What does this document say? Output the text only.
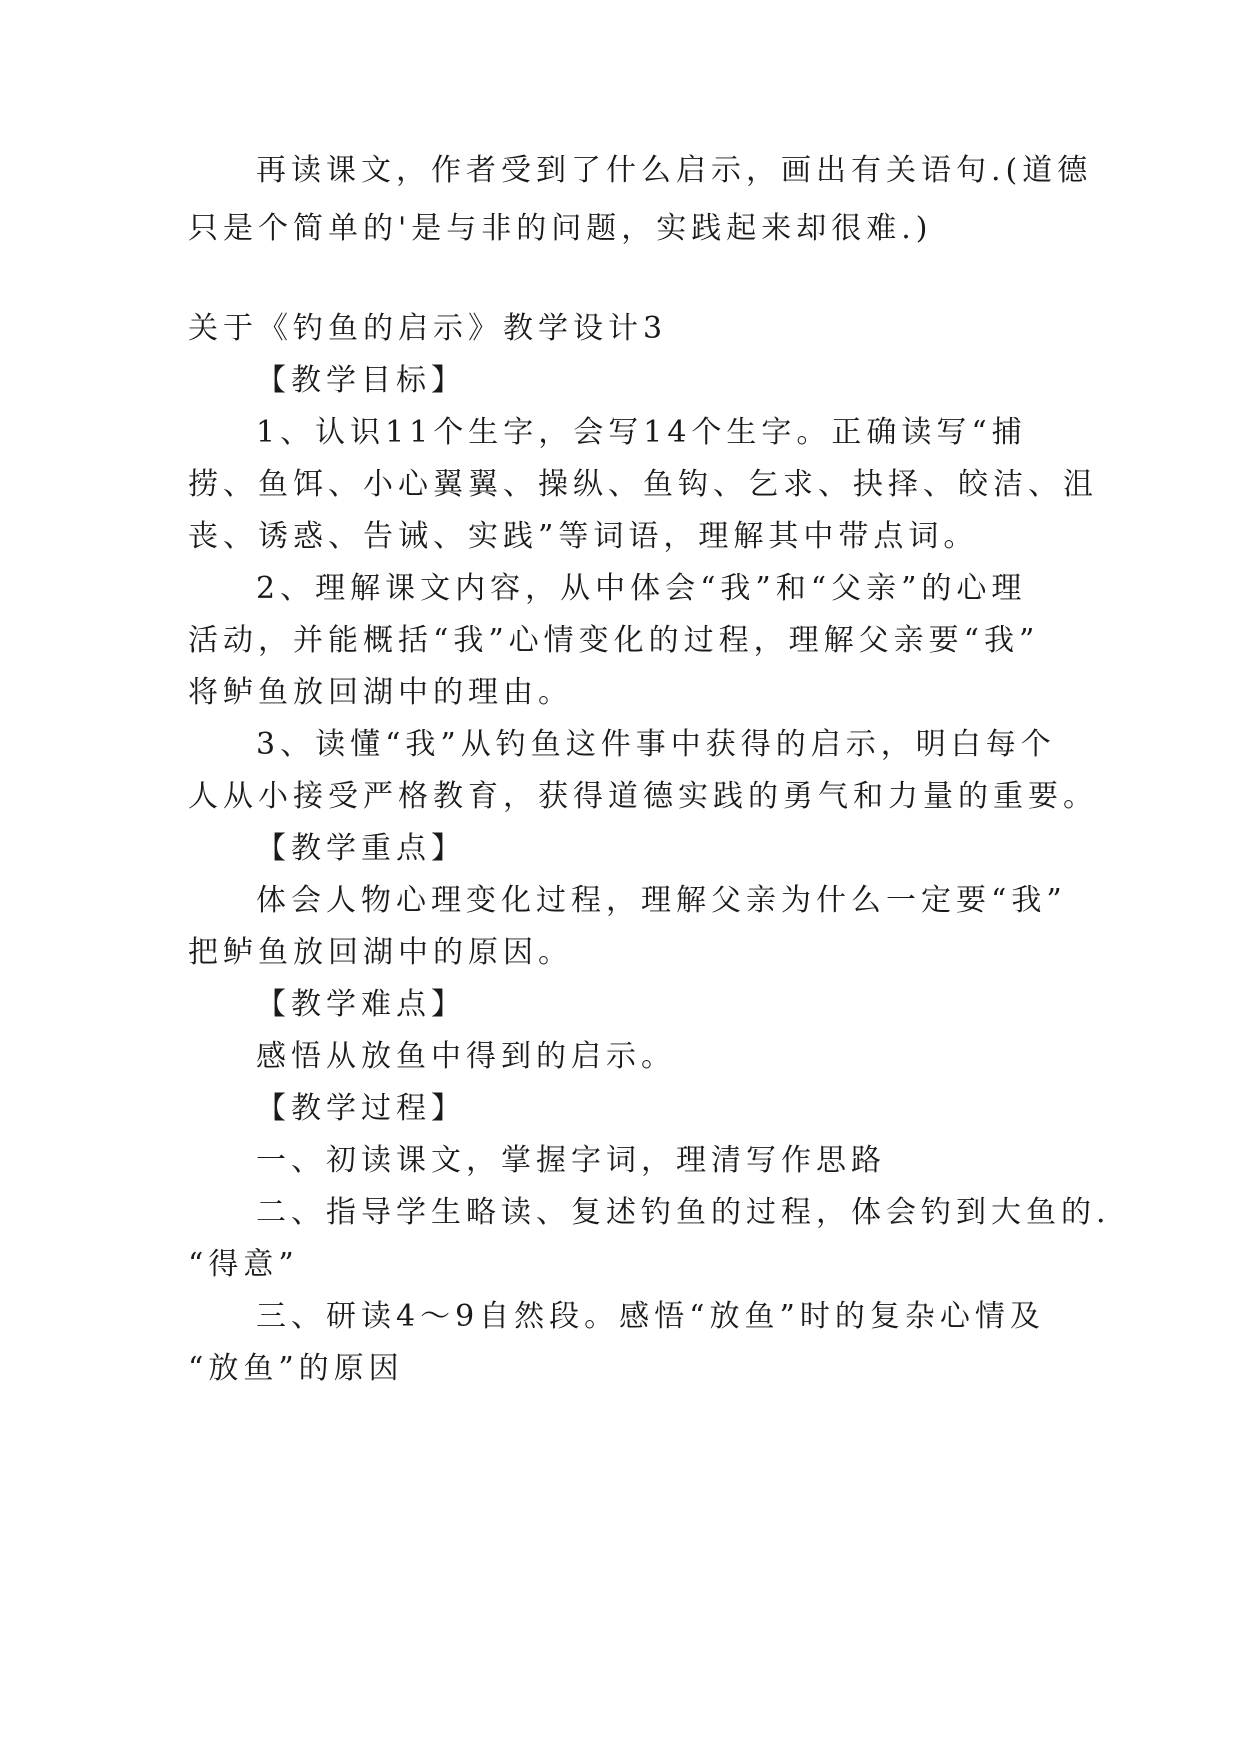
再读课文，作者受到了什么启示，画出有关语句.(道德

只是个简单的'是与非的问题，实践起来却很难.)

关于《钓鱼的启示》教学设计3

【教学目标】

1、认识11个生字，会写14个生字。正确读写“捕

捞、鱼饵、小心翼翼、操纵、鱼钩、乞求、抉择、皎洁、沮

丧、诱惑、告诫、实践”等词语，理解其中带点词。

2、理解课文内容，从中体会“我”和“父亲”的心理

活动，并能概括“我”心情变化的过程，理解父亲要“我”

将鲈鱼放回湖中的理由。

3、读懂“我”从钓鱼这件事中获得的启示，明白每个

人从小接受严格教育，获得道德实践的勇气和力量的重要。

【教学重点】

体会人物心理变化过程，理解父亲为什么一定要“我”

把鲈鱼放回湖中的原因。

【教学难点】

感悟从放鱼中得到的启示。

【教学过程】

一、初读课文，掌握字词，理清写作思路

二、指导学生略读、复述钓鱼的过程，体会钓到大鱼的.

“得意”

三、研读4～9自然段。感悟“放鱼”时的复杂心情及

“放鱼”的原因
